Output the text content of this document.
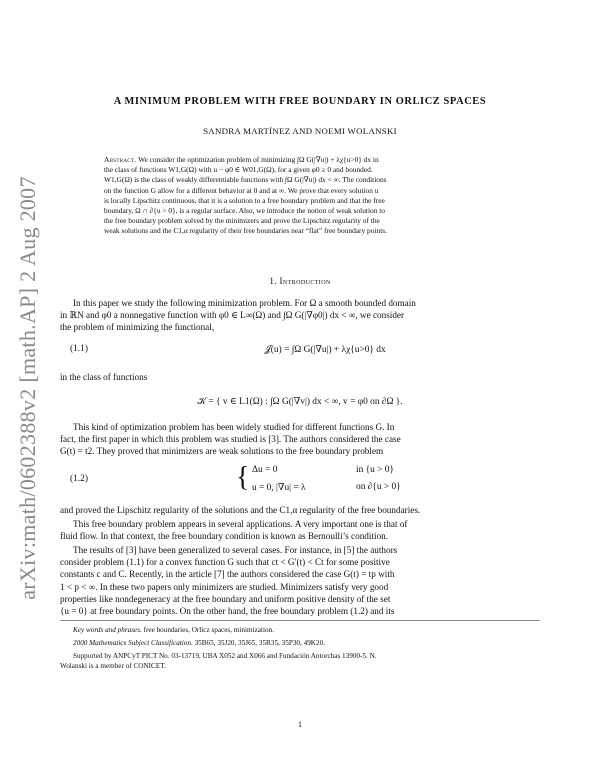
arXiv:math/0602388v2 [math.AP] 2 Aug 2007
A MINIMUM PROBLEM WITH FREE BOUNDARY IN ORLICZ SPACES
SANDRA MARTÍNEZ AND NOEMI WOLANSKI
Abstract. We consider the optimization problem of minimizing ∫Ω G(|∇u|) + λχ{u>0} dx in
the class of functions W1,G(Ω) with u − φ0 ∈ W01,G(Ω), for a given φ0 ≥ 0 and bounded.
W1,G(Ω) is the class of weakly differentiable functions with ∫Ω G(|∇u|) dx < ∞. The conditions
on the function G allow for a different behavior at 0 and at ∞. We prove that every solution u
is locally Lipschitz continuous, that it is a solution to a free boundary problem and that the free
boundary, Ω ∩ ∂{u > 0}, is a regular surface. Also, we introduce the notion of weak solution to
the free boundary problem solved by the minimizers and prove the Lipschitz regularity of the
weak solutions and the C1,α regularity of their free boundaries near “flat” free boundary points.
1. Introduction
In this paper we study the following minimization problem. For Ω a smooth bounded domain
in ℝN and φ0 a nonnegative function with φ0 ∈ L∞(Ω) and ∫Ω G(|∇φ0|) dx < ∞, we consider
the problem of minimizing the functional,
(1.1)	𝒥(u) = ∫Ω G(|∇u|) + λχ{u>0} dx
in the class of functions
𝒦 = { v ∈ L1(Ω) : ∫Ω G(|∇v|) dx < ∞, v = φ0 on ∂Ω }.
This kind of optimization problem has been widely studied for different functions G. In
fact, the first paper in which this problem was studied is [3]. The authors considered the case
G(t) = t2. They proved that minimizers are weak solutions to the free boundary problem
(1.2)	{ Δu = 0	in {u > 0}
u = 0, |∇u| = λ	on ∂{u > 0}
and proved the Lipschitz regularity of the solutions and the C1,α regularity of the free boundaries.
This free boundary problem appears in several applications. A very important one is that of
fluid flow. In that context, the free boundary condition is known as Bernoulli’s condition.
The results of [3] have been generalized to several cases. For instance, in [5] the authors
consider problem (1.1) for a convex function G such that ct < G′(t) < Ct for some positive
constants c and C. Recently, in the article [7] the authors considered the case G(t) = tp with
1 < p < ∞. In these two papers only minimizers are studied. Minimizers satisfy very good
properties like nondegeneracy at the free boundary and uniform positive density of the set
{u = 0} at free boundary points. On the other hand, the free boundary problem (1.2) and its
Key words and phrases. free boundaries, Orlicz spaces, minimization.
2000 Mathematics Subject Classification. 35B65, 35J20, 35J65, 35R35, 35P30, 49K20.
Supported by ANPCyT PICT No. 03-13719, UBA X052 and X066 and Fundación Antorchas 13900-5. N.
Wolanski is a member of CONICET.
1
